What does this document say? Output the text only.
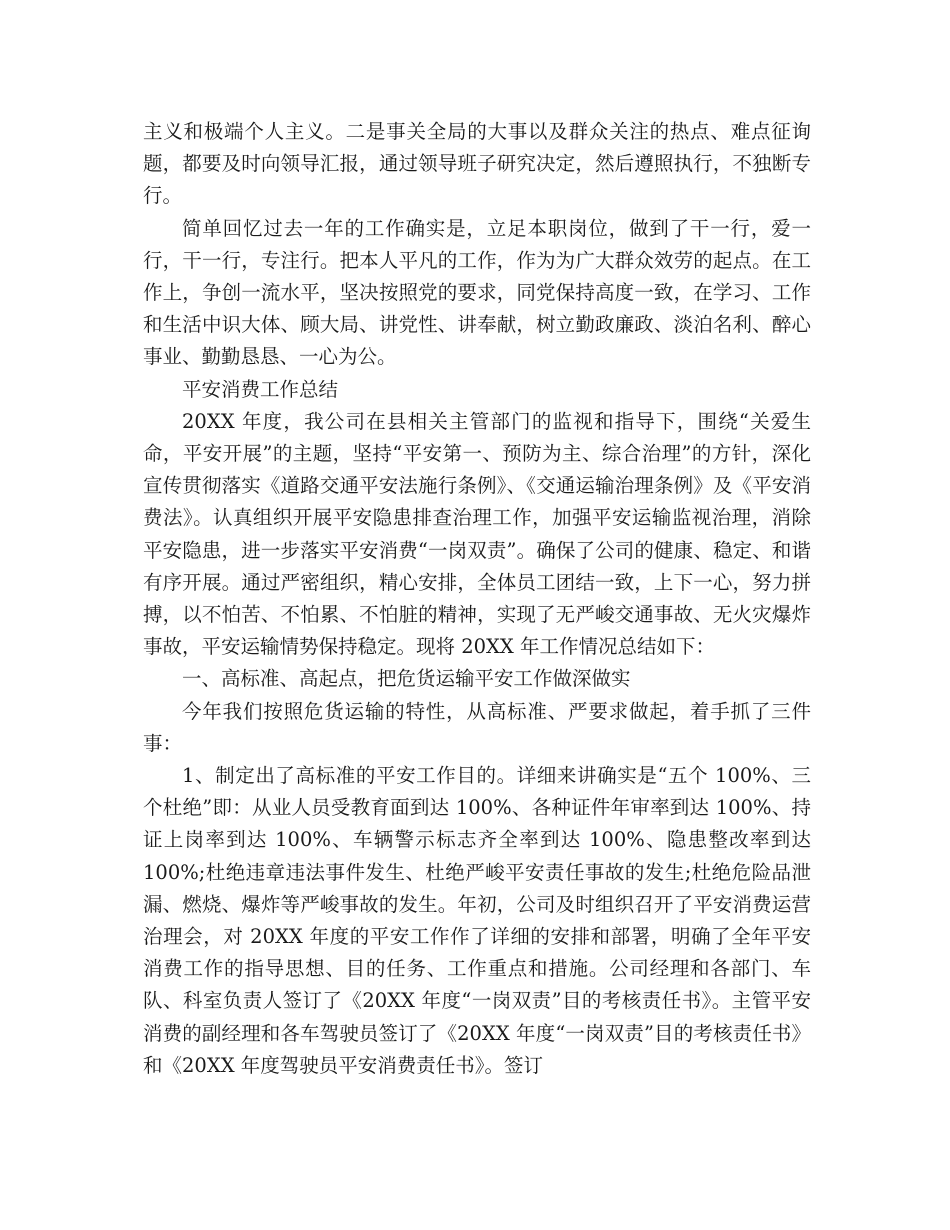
主义和极端个人主义。二是事关全局的大事以及群众关注的热点、难点征询题，都要及时向领导汇报，通过领导班子研究决定，然后遵照执行，不独断专行。

简单回忆过去一年的工作确实是，立足本职岗位，做到了干一行，爱一行，干一行，专注行。把本人平凡的工作，作为为广大群众效劳的起点。在工作上，争创一流水平，坚决按照党的要求，同党保持高度一致，在学习、工作和生活中识大体、顾大局、讲党性、讲奉献，树立勤政廉政、淡泊名利、醉心事业、勤勤恳恳、一心为公。

平安消费工作总结

20XX 年度，我公司在县相关主管部门的监视和指导下，围绕“关爱生命，平安开展”的主题，坚持“平安第一、预防为主、综合治理”的方针，深化宣传贯彻落实《道路交通平安法施行条例》、《交通运输治理条例》及《平安消费法》。认真组织开展平安隐患排查治理工作，加强平安运输监视治理，消除平安隐患，进一步落实平安消费“一岗双责”。确保了公司的健康、稳定、和谐有序开展。通过严密组织，精心安排，全体员工团结一致，上下一心，努力拼搏，以不怕苦、不怕累、不怕脏的精神，实现了无严峻交通事故、无火灾爆炸事故，平安运输情势保持稳定。现将 20XX 年工作情况总结如下：

一、高标准、高起点，把危货运输平安工作做深做实

今年我们按照危货运输的特性，从高标准、严要求做起，着手抓了三件事：

1、制定出了高标准的平安工作目的。详细来讲确实是“五个 100%、三个杜绝”即：从业人员受教育面到达 100%、各种证件年审率到达 100%、持证上岗率到达 100%、车辆警示标志齐全率到达 100%、隐患整改率到达 100%;杜绝违章违法事件发生、杜绝严峻平安责任事故的发生;杜绝危险品泄漏、燃烧、爆炸等严峻事故的发生。年初，公司及时组织召开了平安消费运营治理会，对 20XX 年度的平安工作作了详细的安排和部署，明确了全年平安消费工作的指导思想、目的任务、工作重点和措施。公司经理和各部门、车队、科室负责人签订了《20XX 年度“一岗双责”目的考核责任书》。主管平安消费的副经理和各车驾驶员签订了《20XX 年度“一岗双责”目的考核责任书》和《20XX 年度驾驶员平安消费责任书》。签订
